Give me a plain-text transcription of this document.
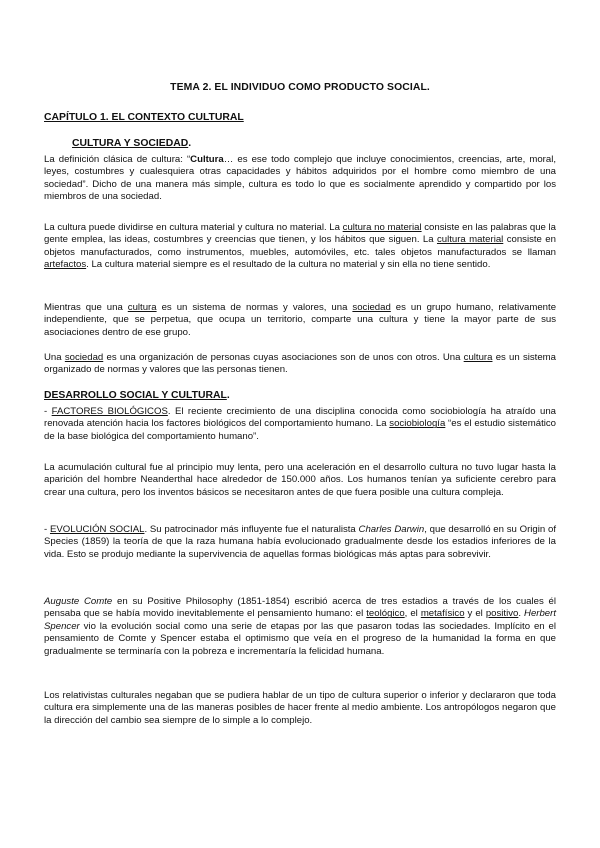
TEMA 2. EL INDIVIDUO COMO PRODUCTO SOCIAL.
CAPÍTULO 1. EL CONTEXTO CULTURAL
CULTURA Y SOCIEDAD.

La definición clásica de cultura: “Cultura… es ese todo complejo que incluye conocimientos, creencias, arte, moral, leyes, costumbres y cualesquiera otras capacidades y hábitos adquiridos por el hombre como miembro de una sociedad”. Dicho de una manera más simple, cultura es todo lo que es socialmente aprendido y compartido por los miembros de una sociedad.

La cultura puede dividirse en cultura material y cultura no material. La cultura no material consiste en las palabras que la gente emplea, las ideas, costumbres y creencias que tienen, y los hábitos que siguen. La cultura material consiste en objetos manufacturados, como instrumentos, muebles, automóviles, etc. tales objetos manufacturados se llaman artefactos. La cultura material siempre es el resultado de la cultura no material y sin ella no tiene sentido.

Mientras que una cultura es un sistema de normas y valores, una sociedad es un grupo humano, relativamente independiente, que se perpetua, que ocupa un territorio, comparte una cultura y tiene la mayor parte de sus asociaciones dentro de ese grupo.

Una sociedad es una organización de personas cuyas asociaciones son de unos con otros. Una cultura es un sistema organizado de normas y valores que las personas tienen.

DESARROLLO SOCIAL Y CULTURAL.

- FACTORES BIOLÓGICOS. El reciente crecimiento de una disciplina conocida como sociobiología ha atraído una renovada atención hacia los factores biológicos del comportamiento humano. La sociobiología “es el estudio sistemático de la base biológica del comportamiento humano”.

La acumulación cultural fue al principio muy lenta, pero una aceleración en el desarrollo cultura no tuvo lugar hasta la aparición del hombre Neanderthal hace alrededor de 150.000 años. Los humanos tenían ya suficiente cerebro para crear una cultura, pero los inventos básicos se necesitaron antes de que fuera posible una cultura compleja.

- EVOLUCIÓN SOCIAL. Su patrocinador más influyente fue el naturalista Charles Darwin, que desarrolló en su Origin of Species (1859) la teoría de que la raza humana había evolucionado gradualmente desde los estadios inferiores de la vida. Esto se produjo mediante la supervivencia de aquellas formas biológicas más aptas para sobrevivir.

Auguste Comte en su Positive Philosophy (1851-1854) escribió acerca de tres estadios a través de los cuales él pensaba que se había movido inevitablemente el pensamiento humano: el teológico, el metafísico y el positivo. Herbert Spencer vio la evolución social como una serie de etapas por las que pasaron todas las sociedades. Implícito en el pensamiento de Comte y Spencer estaba el optimismo que veía en el progreso de la humanidad la forma en que gradualmente se terminaría con la pobreza e incrementaría la felicidad humana.

Los relativistas culturales negaban que se pudiera hablar de un tipo de cultura superior o inferior y declararon que toda cultura era simplemente una de las maneras posibles de hacer frente al medio ambiente. Los antropólogos negaron que la dirección del cambio sea siempre de lo simple a lo complejo.
